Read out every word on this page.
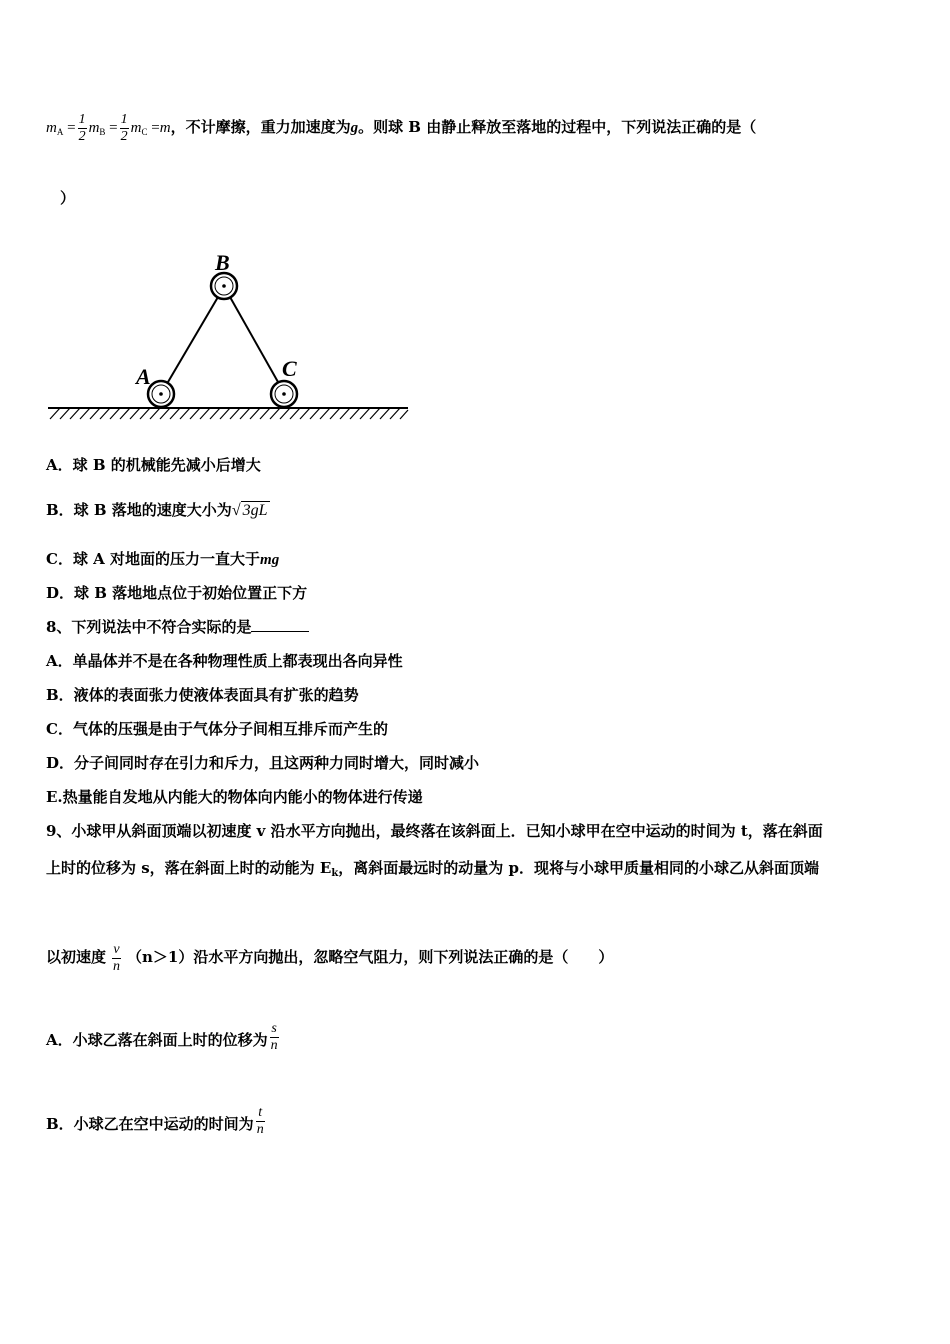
$m_A = \frac{1}{2} m_B = \frac{1}{2} m_C =m$，不计摩擦，重力加速度为g。则球 B 由静止释放至落地的过程中，下列说法正确的是（
）
A
B
C
A．球 B 的机械能先减小后增大
B．球 B 落地的速度大小为√ 3gL
C．球 A 对地面的压力一直大于mg
D．球 B 落地地点位于初始位置正下方
8、下列说法中不符合实际的是
A．单晶体并不是在各种物理性质上都表现出各向异性
B．液体的表面张力使液体表面具有扩张的趋势
C．气体的压强是由于气体分子间相互排斥而产生的
D．分子间同时存在引力和斥力，且这两种力同时增大，同时减小
E.热量能自发地从内能大的物体向内能小的物体进行传递
9、小球甲从斜面顶端以初速度 v 沿水平方向抛出，最终落在该斜面上．已知小球甲在空中运动的时间为 t，落在斜面
上时的位移为 s，落在斜面上时的动能为 $E_k$，离斜面最远时的动量为 p．现将与小球甲质量相同的小球乙从斜面顶端
以初速度 $\frac{v}{n} (n>1)$沿水平方向抛出，忽略空气阻力，则下列说法正确的是（　　）
A．小球乙落在斜面上时的位移为 $\frac{s}{n}$
B．小球乙在空中运动的时间为 $\frac{t}{n}$
